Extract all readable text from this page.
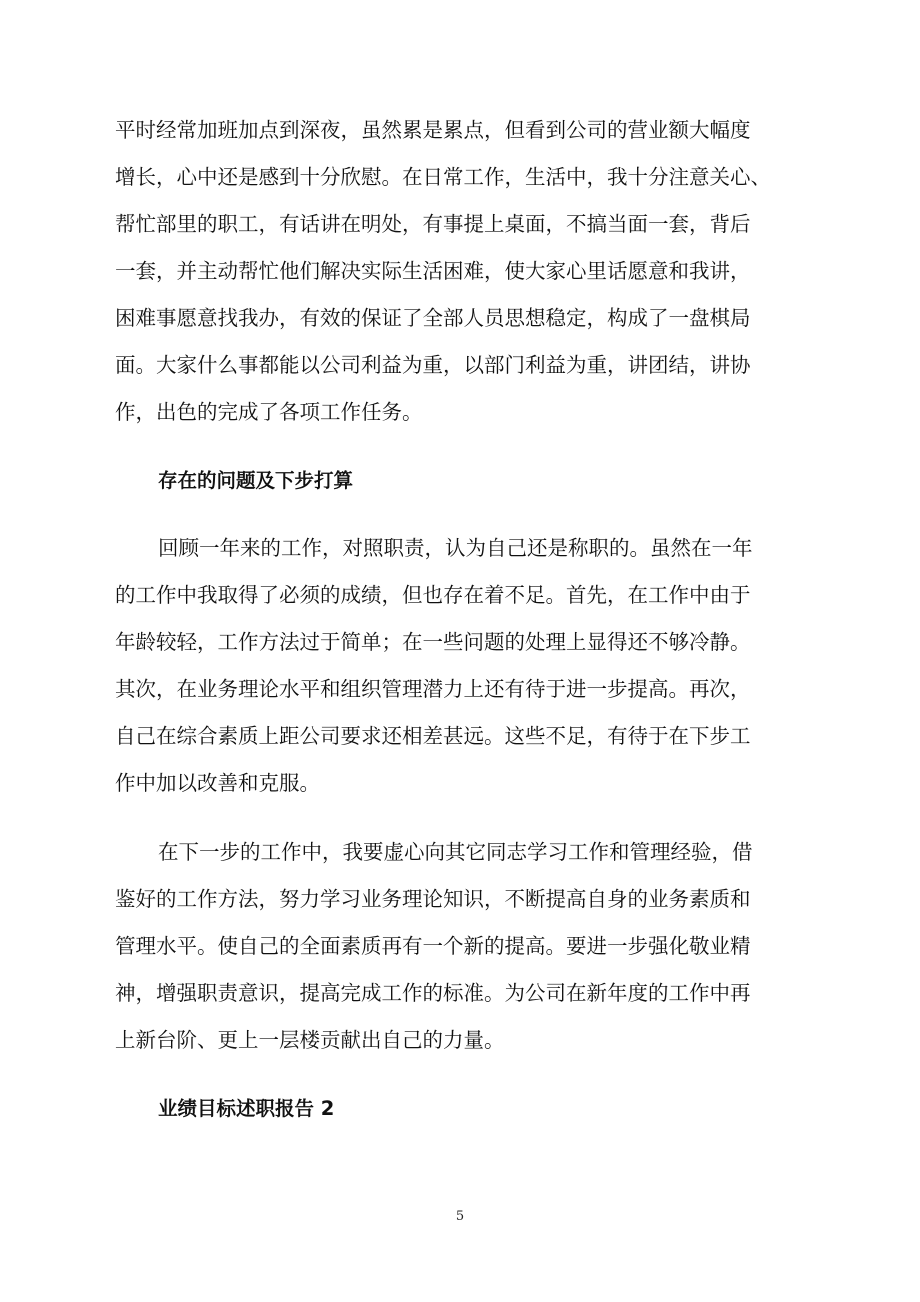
平时经常加班加点到深夜，虽然累是累点，但看到公司的营业额大幅度
增长，心中还是感到十分欣慰。在日常工作，生活中，我十分注意关心、
帮忙部里的职工，有话讲在明处，有事提上桌面，不搞当面一套，背后
一套，并主动帮忙他们解决实际生活困难，使大家心里话愿意和我讲，
困难事愿意找我办，有效的保证了全部人员思想稳定，构成了一盘棋局
面。大家什么事都能以公司利益为重，以部门利益为重，讲团结，讲协
作，出色的完成了各项工作任务。
存在的问题及下步打算
回顾一年来的工作，对照职责，认为自己还是称职的。虽然在一年
的工作中我取得了必须的成绩，但也存在着不足。首先，在工作中由于
年龄较轻，工作方法过于简单；在一些问题的处理上显得还不够冷静。
其次，在业务理论水平和组织管理潜力上还有待于进一步提高。再次，
自己在综合素质上距公司要求还相差甚远。这些不足，有待于在下步工
作中加以改善和克服。
在下一步的工作中，我要虚心向其它同志学习工作和管理经验，借
鉴好的工作方法，努力学习业务理论知识，不断提高自身的业务素质和
管理水平。使自己的全面素质再有一个新的提高。要进一步强化敬业精
神，增强职责意识，提高完成工作的标准。为公司在新年度的工作中再
上新台阶、更上一层楼贡献出自己的力量。
业绩目标述职报告 2
5
